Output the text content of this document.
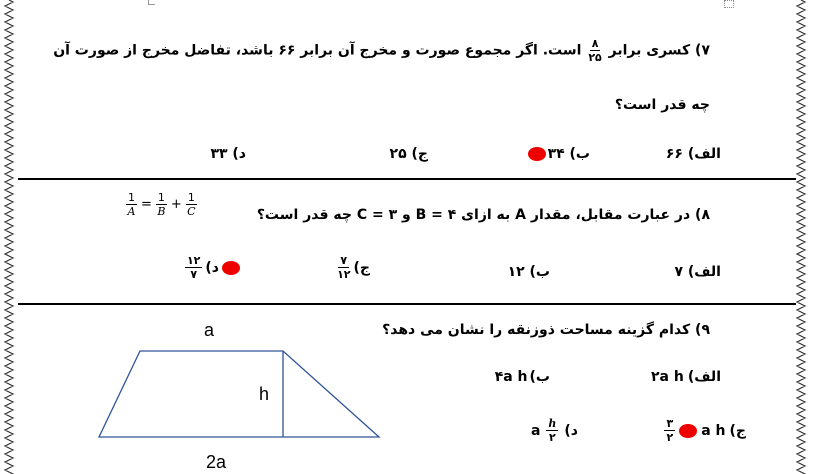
۷) کسری برابر
$\frac{۸}{۲۵}$
است. اگر مجموع صورت و مخرج آن برابر ۶۶ باشد، تفاضل مخرج از صورت آن
چه قدر است؟
الف) ۶۶
ب) ۳۴
ج) ۲۵
د) ۳۳
$\frac{1}{A} = \frac{1}{B} + \frac{1}{C}$	۸) در عبارت مقابل، مقدار A به ازای ۴ = B و ۳ = C چه قدر است؟
الف) ۷
ب) ۱۲
ج)
$\frac{۷}{۱۲}$
د)
$\frac{۱۲}{۷}$
۹) کدام گزینه مساحت ذوزنقه را نشان می دهد؟
a
h
2a
الف)
۲a h
ب)
۴a h
ج)
a h
$\frac{۳}{۲}$
د)
$\frac{h}{۲}$
a
